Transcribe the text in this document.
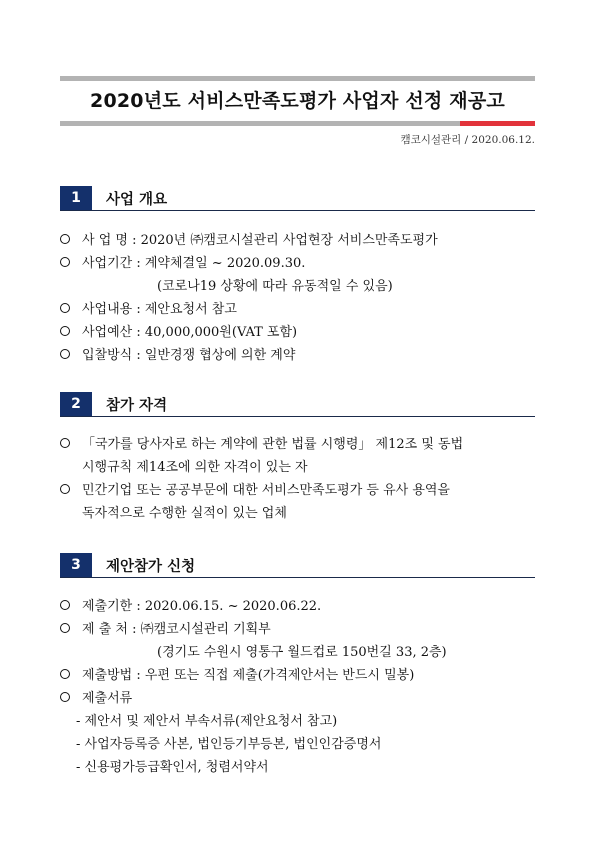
2020년도 서비스만족도평가 사업자 선정 재공고
캠코시설관리 / 2020.06.12.
1	사업 개요
사 업 명 : 2020년 ㈜캠코시설관리 사업현장 서비스만족도평가
사업기간 : 계약체결일 ~ 2020.09.30.
(코로나19 상황에 따라 유동적일 수 있음)
사업내용 : 제안요청서 참고
사업예산 : 40,000,000원(VAT 포함)
입찰방식 : 일반경쟁 협상에 의한 계약
2	참가 자격
「국가를 당사자로 하는 계약에 관한 법률 시행령」 제12조 및 동법
시행규칙 제14조에 의한 자격이 있는 자
민간기업 또는 공공부문에 대한 서비스만족도평가 등 유사 용역을
독자적으로 수행한 실적이 있는 업체
3	제안참가 신청
제출기한 : 2020.06.15. ~ 2020.06.22.
제 출 처 : ㈜캠코시설관리 기획부
(경기도 수원시 영통구 월드컵로 150번길 33, 2층)
제출방법 : 우편 또는 직접 제출(가격제안서는 반드시 밀봉)
제출서류
- 제안서 및 제안서 부속서류(제안요청서 참고)
- 사업자등록증 사본, 법인등기부등본, 법인인감증명서
- 신용평가등급확인서, 청렴서약서
